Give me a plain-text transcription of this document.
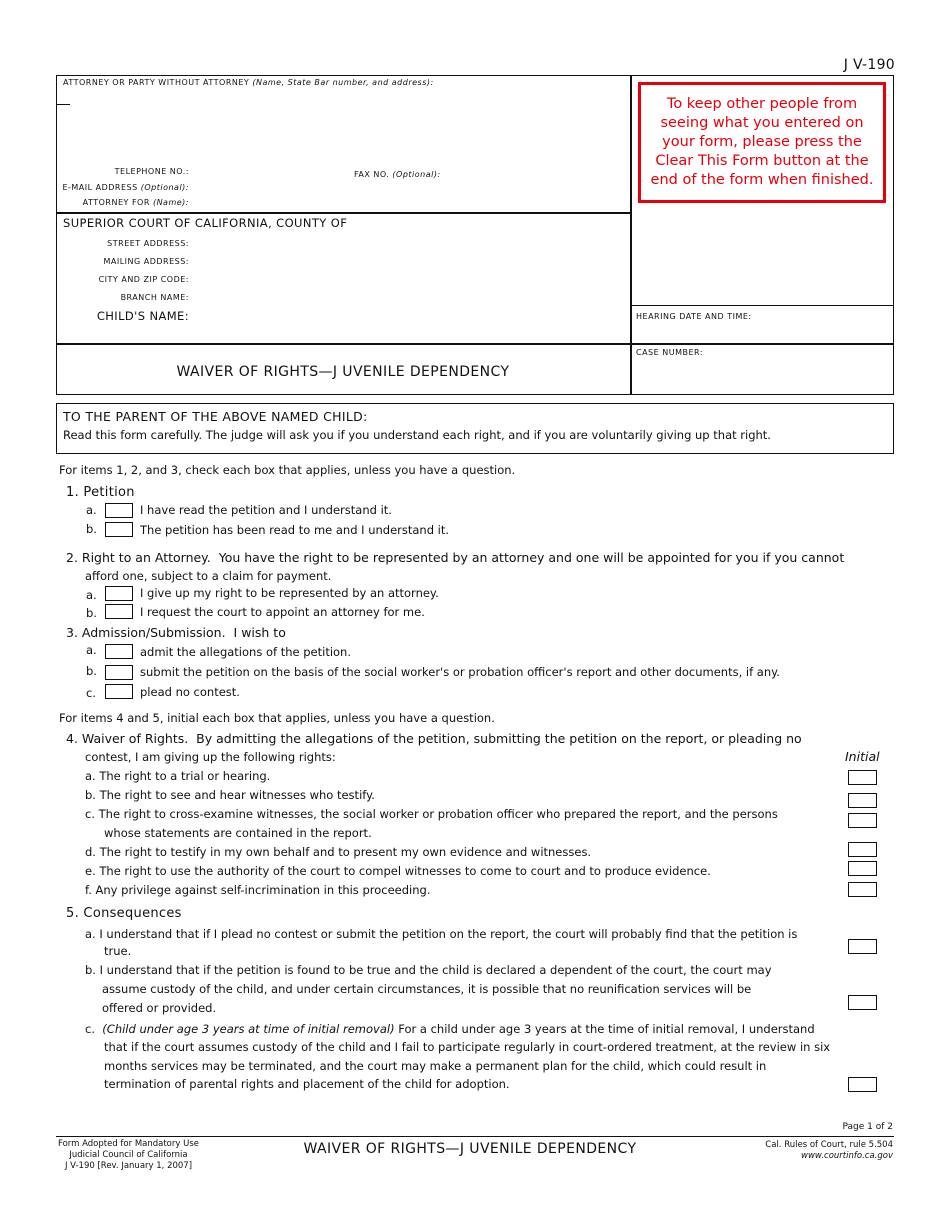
J V-190
ATTORNEY OR PARTY WITHOUT ATTORNEY (Name, State Bar number, and address):
TELEPHONE NO.:	FAX NO. (Optional):
E-MAIL ADDRESS (Optional):
ATTORNEY FOR (Name):
SUPERIOR COURT OF CALIFORNIA, COUNTY OF
STREET ADDRESS:
MAILING ADDRESS:
CITY AND ZIP CODE:
BRANCH NAME:
CHILD'S NAME:	HEARING DATE AND TIME:
CASE NUMBER:
WAIVER OF RIGHTS—J UVENILE DEPENDENCY
To keep other people from seeing what you entered on your form, please press the Clear This Form button at the end of the form when finished.
TO THE PARENT OF THE ABOVE NAMED CHILD:
Read this form carefully. The judge will ask you if you understand each right, and if you are voluntarily giving up that right.
For items 1, 2, and 3, check each box that applies, unless you have a question.
1. Petition
a.	I have read the petition and I understand it.
b.	The petition has been read to me and I understand it.
2. Right to an Attorney. You have the right to be represented by an attorney and one will be appointed for you if you cannot
afford one, subject to a claim for payment.
a.	I give up my right to be represented by an attorney.
b.	I request the court to appoint an attorney for me.
3. Admission/Submission. I wish to
a.	admit the allegations of the petition.
b.	submit the petition on the basis of the social worker's or probation officer's report and other documents, if any.
c.	plead no contest.
For items 4 and 5, initial each box that applies, unless you have a question.
4. Waiver of Rights. By admitting the allegations of the petition, submitting the petition on the report, or pleading no
contest, I am giving up the following rights:	Initial
a. The right to a trial or hearing.
b. The right to see and hear witnesses who testify.
c. The right to cross-examine witnesses, the social worker or probation officer who prepared the report, and the persons
whose statements are contained in the report.
d. The right to testify in my own behalf and to present my own evidence and witnesses.
e. The right to use the authority of the court to compel witnesses to come to court and to produce evidence.
f. Any privilege against self-incrimination in this proceeding.
5. Consequences
a. I understand that if I plead no contest or submit the petition on the report, the court will probably find that the petition is
true.
b. I understand that if the petition is found to be true and the child is declared a dependent of the court, the court may
assume custody of the child, and under certain circumstances, it is possible that no reunification services will be
offered or provided.
c. (Child under age 3 years at time of initial removal) For a child under age 3 years at the time of initial removal, I understand
that if the court assumes custody of the child and I fail to participate regularly in court-ordered treatment, at the review in six
months services may be terminated, and the court may make a permanent plan for the child, which could result in
termination of parental rights and placement of the child for adoption.
Page 1 of 2
Form Adopted for Mandatory Use
Judicial Council of California
J V-190 [Rev. January 1, 2007]
WAIVER OF RIGHTS—J UVENILE DEPENDENCY	Cal. Rules of Court, rule 5.504
www.courtinfo.ca.gov
